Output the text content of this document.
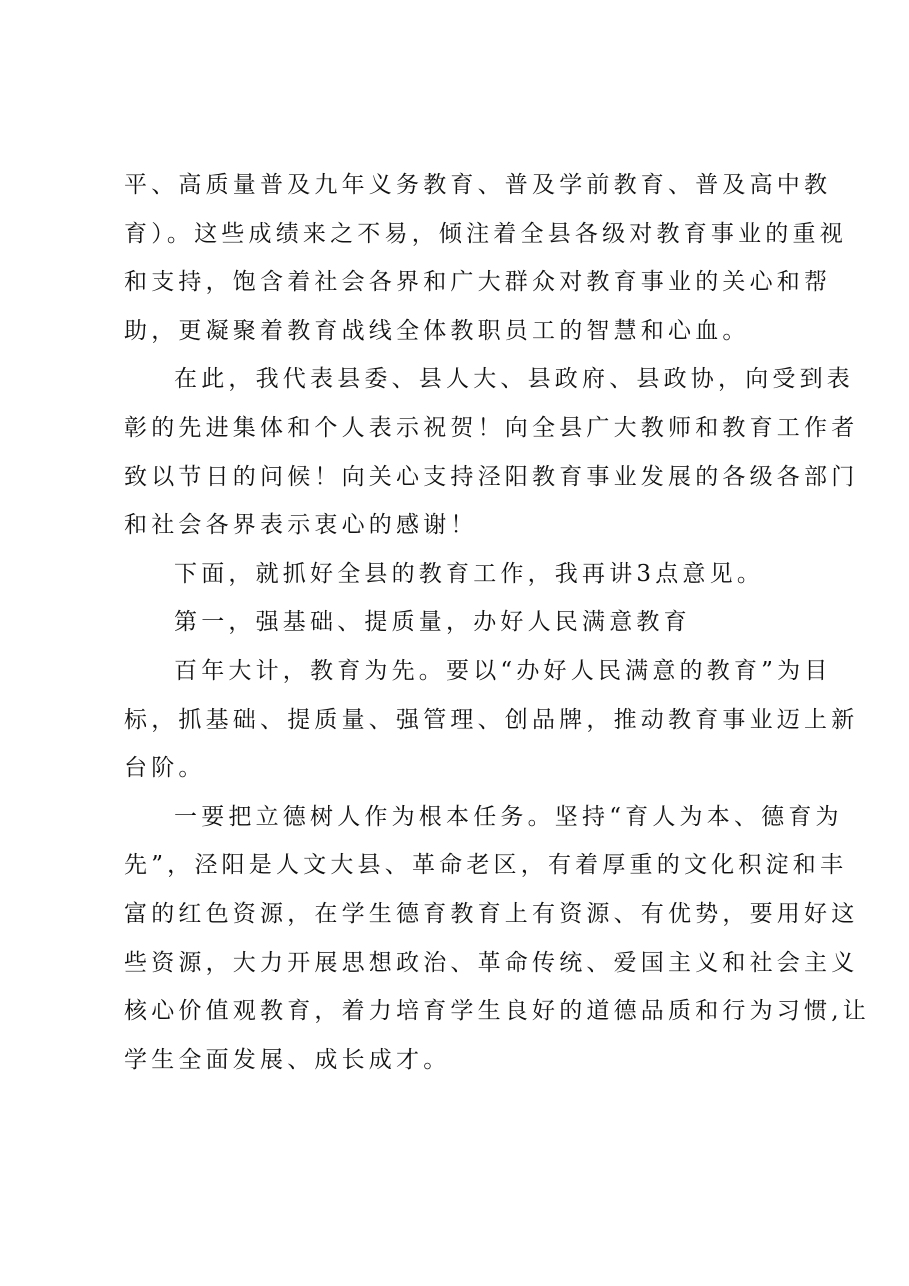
平、高质量普及九年义务教育、普及学前教育、普及高中教
育）。这些成绩来之不易，倾注着全县各级对教育事业的重视
和支持，饱含着社会各界和广大群众对教育事业的关心和帮
助，更凝聚着教育战线全体教职员工的智慧和心血。
在此，我代表县委、县人大、县政府、县政协，向受到表
彰的先进集体和个人表示祝贺！向全县广大教师和教育工作者
致以节日的问候！向关心支持泾阳教育事业发展的各级各部门
和社会各界表示衷心的感谢！
下面，就抓好全县的教育工作，我再讲3点意见。
第一，强基础、提质量，办好人民满意教育
百年大计，教育为先。要以“办好人民满意的教育”为目
标，抓基础、提质量、强管理、创品牌，推动教育事业迈上新
台阶。
一要把立德树人作为根本任务。坚持“育人为本、德育为
先”，泾阳是人文大县、革命老区，有着厚重的文化积淀和丰
富的红色资源，在学生德育教育上有资源、有优势，要用好这
些资源，大力开展思想政治、革命传统、爱国主义和社会主义
核心价值观教育，着力培育学生良好的道德品质和行为习惯,让
学生全面发展、成长成才。
